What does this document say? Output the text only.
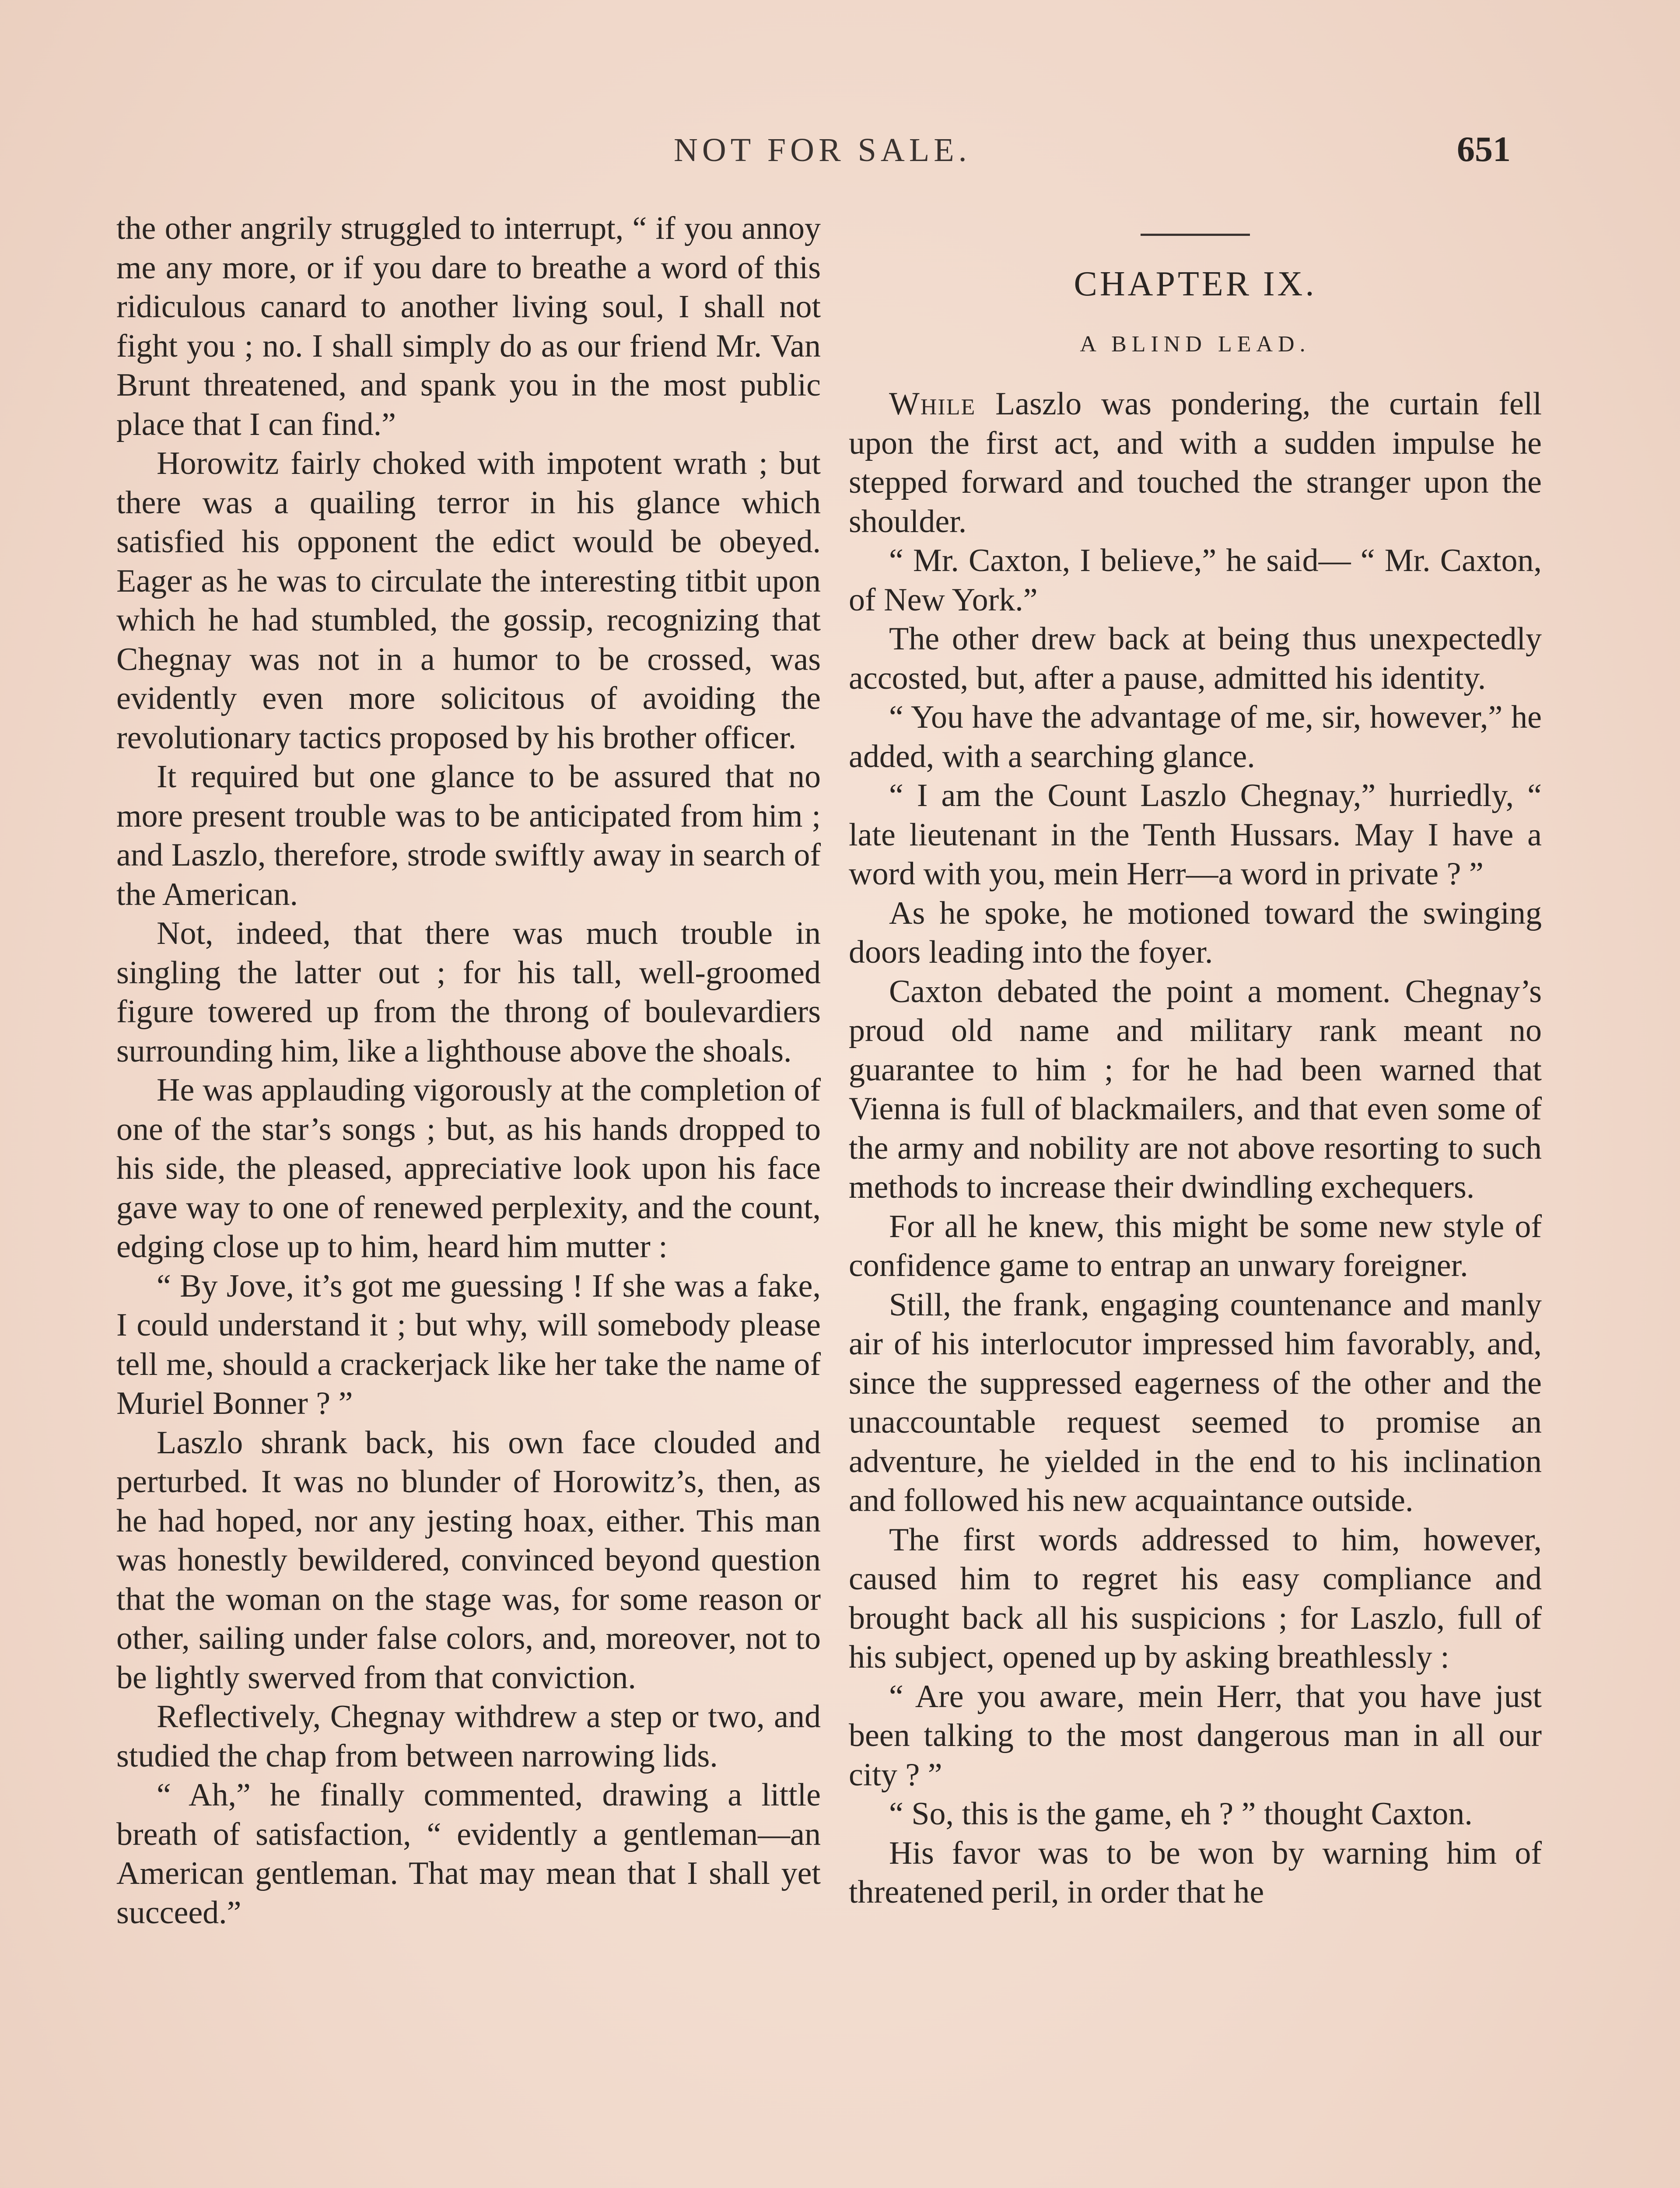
NOT FOR SALE.	651

the other angrily struggled to interrupt, “ if you annoy me any more, or if you dare to breathe a word of this ridiculous canard to another living soul, I shall not fight you ; no. I shall simply do as our friend Mr. Van Brunt threatened, and spank you in the most public place that I can find.”

Horowitz fairly choked with impotent wrath ; but there was a quailing terror in his glance which satisfied his opponent the edict would be obeyed. Eager as he was to circulate the interesting titbit upon which he had stumbled, the gossip, recognizing that Chegnay was not in a humor to be crossed, was evidently even more solicitous of avoiding the revolutionary tactics proposed by his brother officer.

It required but one glance to be assured that no more present trouble was to be anticipated from him ; and Laszlo, therefore, strode swiftly away in search of the American.

Not, indeed, that there was much trouble in singling the latter out ; for his tall, well-groomed figure towered up from the throng of boulevardiers surrounding him, like a lighthouse above the shoals.

He was applauding vigorously at the completion of one of the star’s songs ; but, as his hands dropped to his side, the pleased, appreciative look upon his face gave way to one of renewed perplexity, and the count, edging close up to him, heard him mutter :

“ By Jove, it’s got me guessing ! If she was a fake, I could understand it ; but why, will somebody please tell me, should a crackerjack like her take the name of Muriel Bonner ? ”

Laszlo shrank back, his own face clouded and perturbed. It was no blunder of Horowitz’s, then, as he had hoped, nor any jesting hoax, either. This man was honestly bewildered, convinced beyond question that the woman on the stage was, for some reason or other, sailing under false colors, and, moreover, not to be lightly swerved from that conviction.

Reflectively, Chegnay withdrew a step or two, and studied the chap from between narrowing lids.

“ Ah,” he finally commented, drawing a little breath of satisfaction, “ evidently a gentleman—an American gentleman. That may mean that I shall yet succeed.”

CHAPTER IX.
A BLIND LEAD.

While Laszlo was pondering, the curtain fell upon the first act, and with a sudden impulse he stepped forward and touched the stranger upon the shoulder.

“ Mr. Caxton, I believe,” he said— “ Mr. Caxton, of New York.”

The other drew back at being thus unexpectedly accosted, but, after a pause, admitted his identity.

“ You have the advantage of me, sir, however,” he added, with a searching glance.

“ I am the Count Laszlo Chegnay,” hurriedly, “ late lieutenant in the Tenth Hussars. May I have a word with you, mein Herr—a word in private ? ”

As he spoke, he motioned toward the swinging doors leading into the foyer.

Caxton debated the point a moment. Chegnay’s proud old name and military rank meant no guarantee to him ; for he had been warned that Vienna is full of blackmailers, and that even some of the army and nobility are not above resorting to such methods to increase their dwindling exchequers.

For all he knew, this might be some new style of confidence game to entrap an unwary foreigner.

Still, the frank, engaging countenance and manly air of his interlocutor impressed him favorably, and, since the suppressed eagerness of the other and the unaccountable request seemed to promise an adventure, he yielded in the end to his inclination and followed his new acquaintance outside.

The first words addressed to him, however, caused him to regret his easy compliance and brought back all his suspicions ; for Laszlo, full of his subject, opened up by asking breathlessly :

“ Are you aware, mein Herr, that you have just been talking to the most dangerous man in all our city ? ”

“ So, this is the game, eh ? ” thought Caxton.

His favor was to be won by warning him of threatened peril, in order that he
